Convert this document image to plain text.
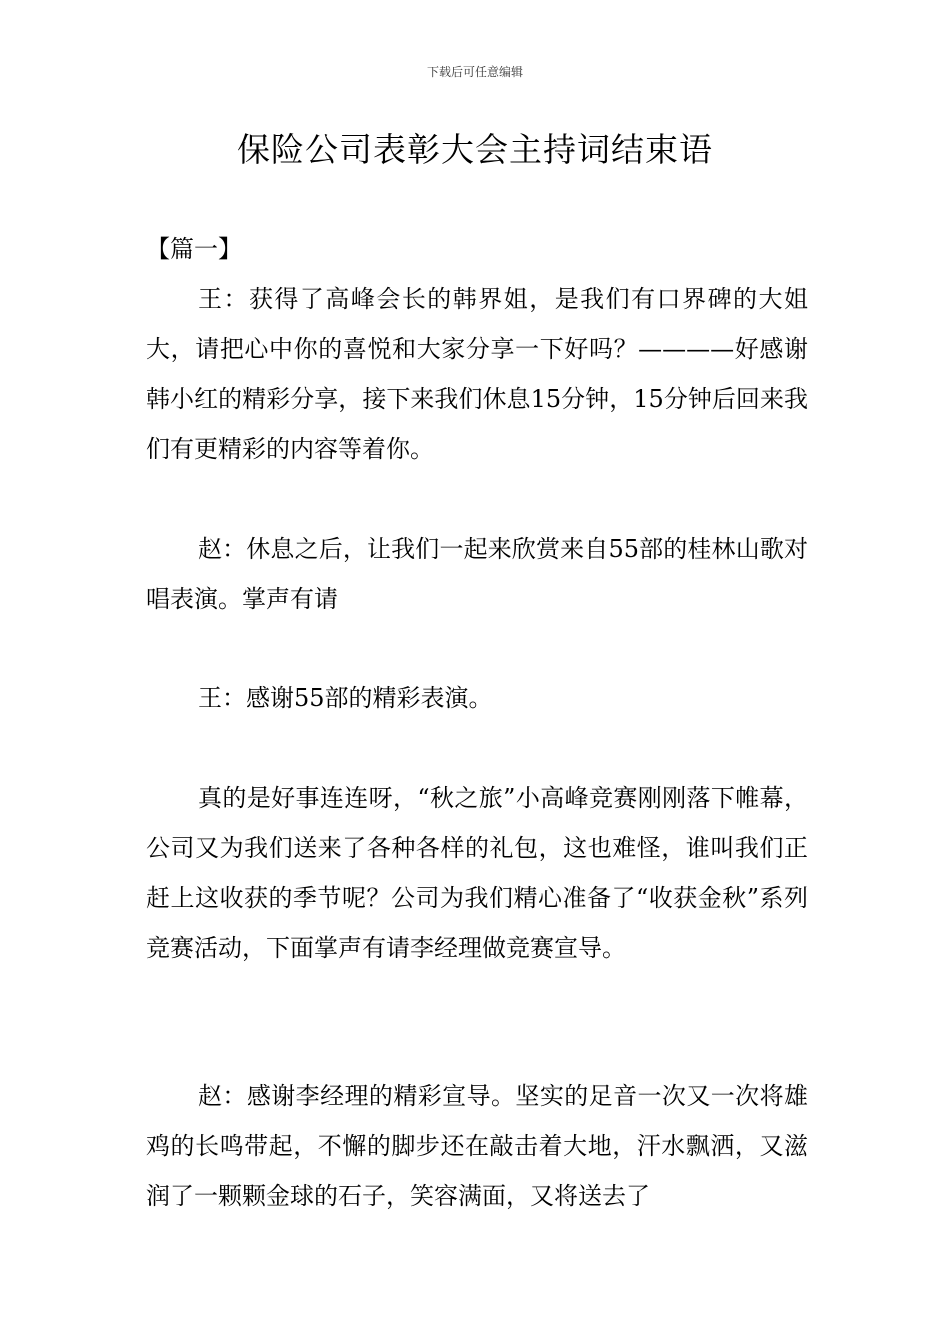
下载后可任意编辑
保险公司表彰大会主持词结束语
【篇一】

王：获得了高峰会长的韩界姐，是我们有口界碑的大姐大，请把心中你的喜悦和大家分享一下好吗？————好感谢韩小红的精彩分享，接下来我们休息15分钟，15分钟后回来我们有更精彩的内容等着你。

赵：休息之后，让我们一起来欣赏来自55部的桂林山歌对唱表演。掌声有请

王：感谢55部的精彩表演。

真的是好事连连呀，“秋之旅”小高峰竞赛刚刚落下帷幕，公司又为我们送来了各种各样的礼包，这也难怪，谁叫我们正赶上这收获的季节呢？公司为我们精心准备了“收获金秋”系列竞赛活动，下面掌声有请李经理做竞赛宣导。

赵：感谢李经理的精彩宣导。坚实的足音一次又一次将雄鸡的长鸣带起，不懈的脚步还在敲击着大地，汗水飘洒，又滋润了一颗颗金球的石子，笑容满面，又将送去了
